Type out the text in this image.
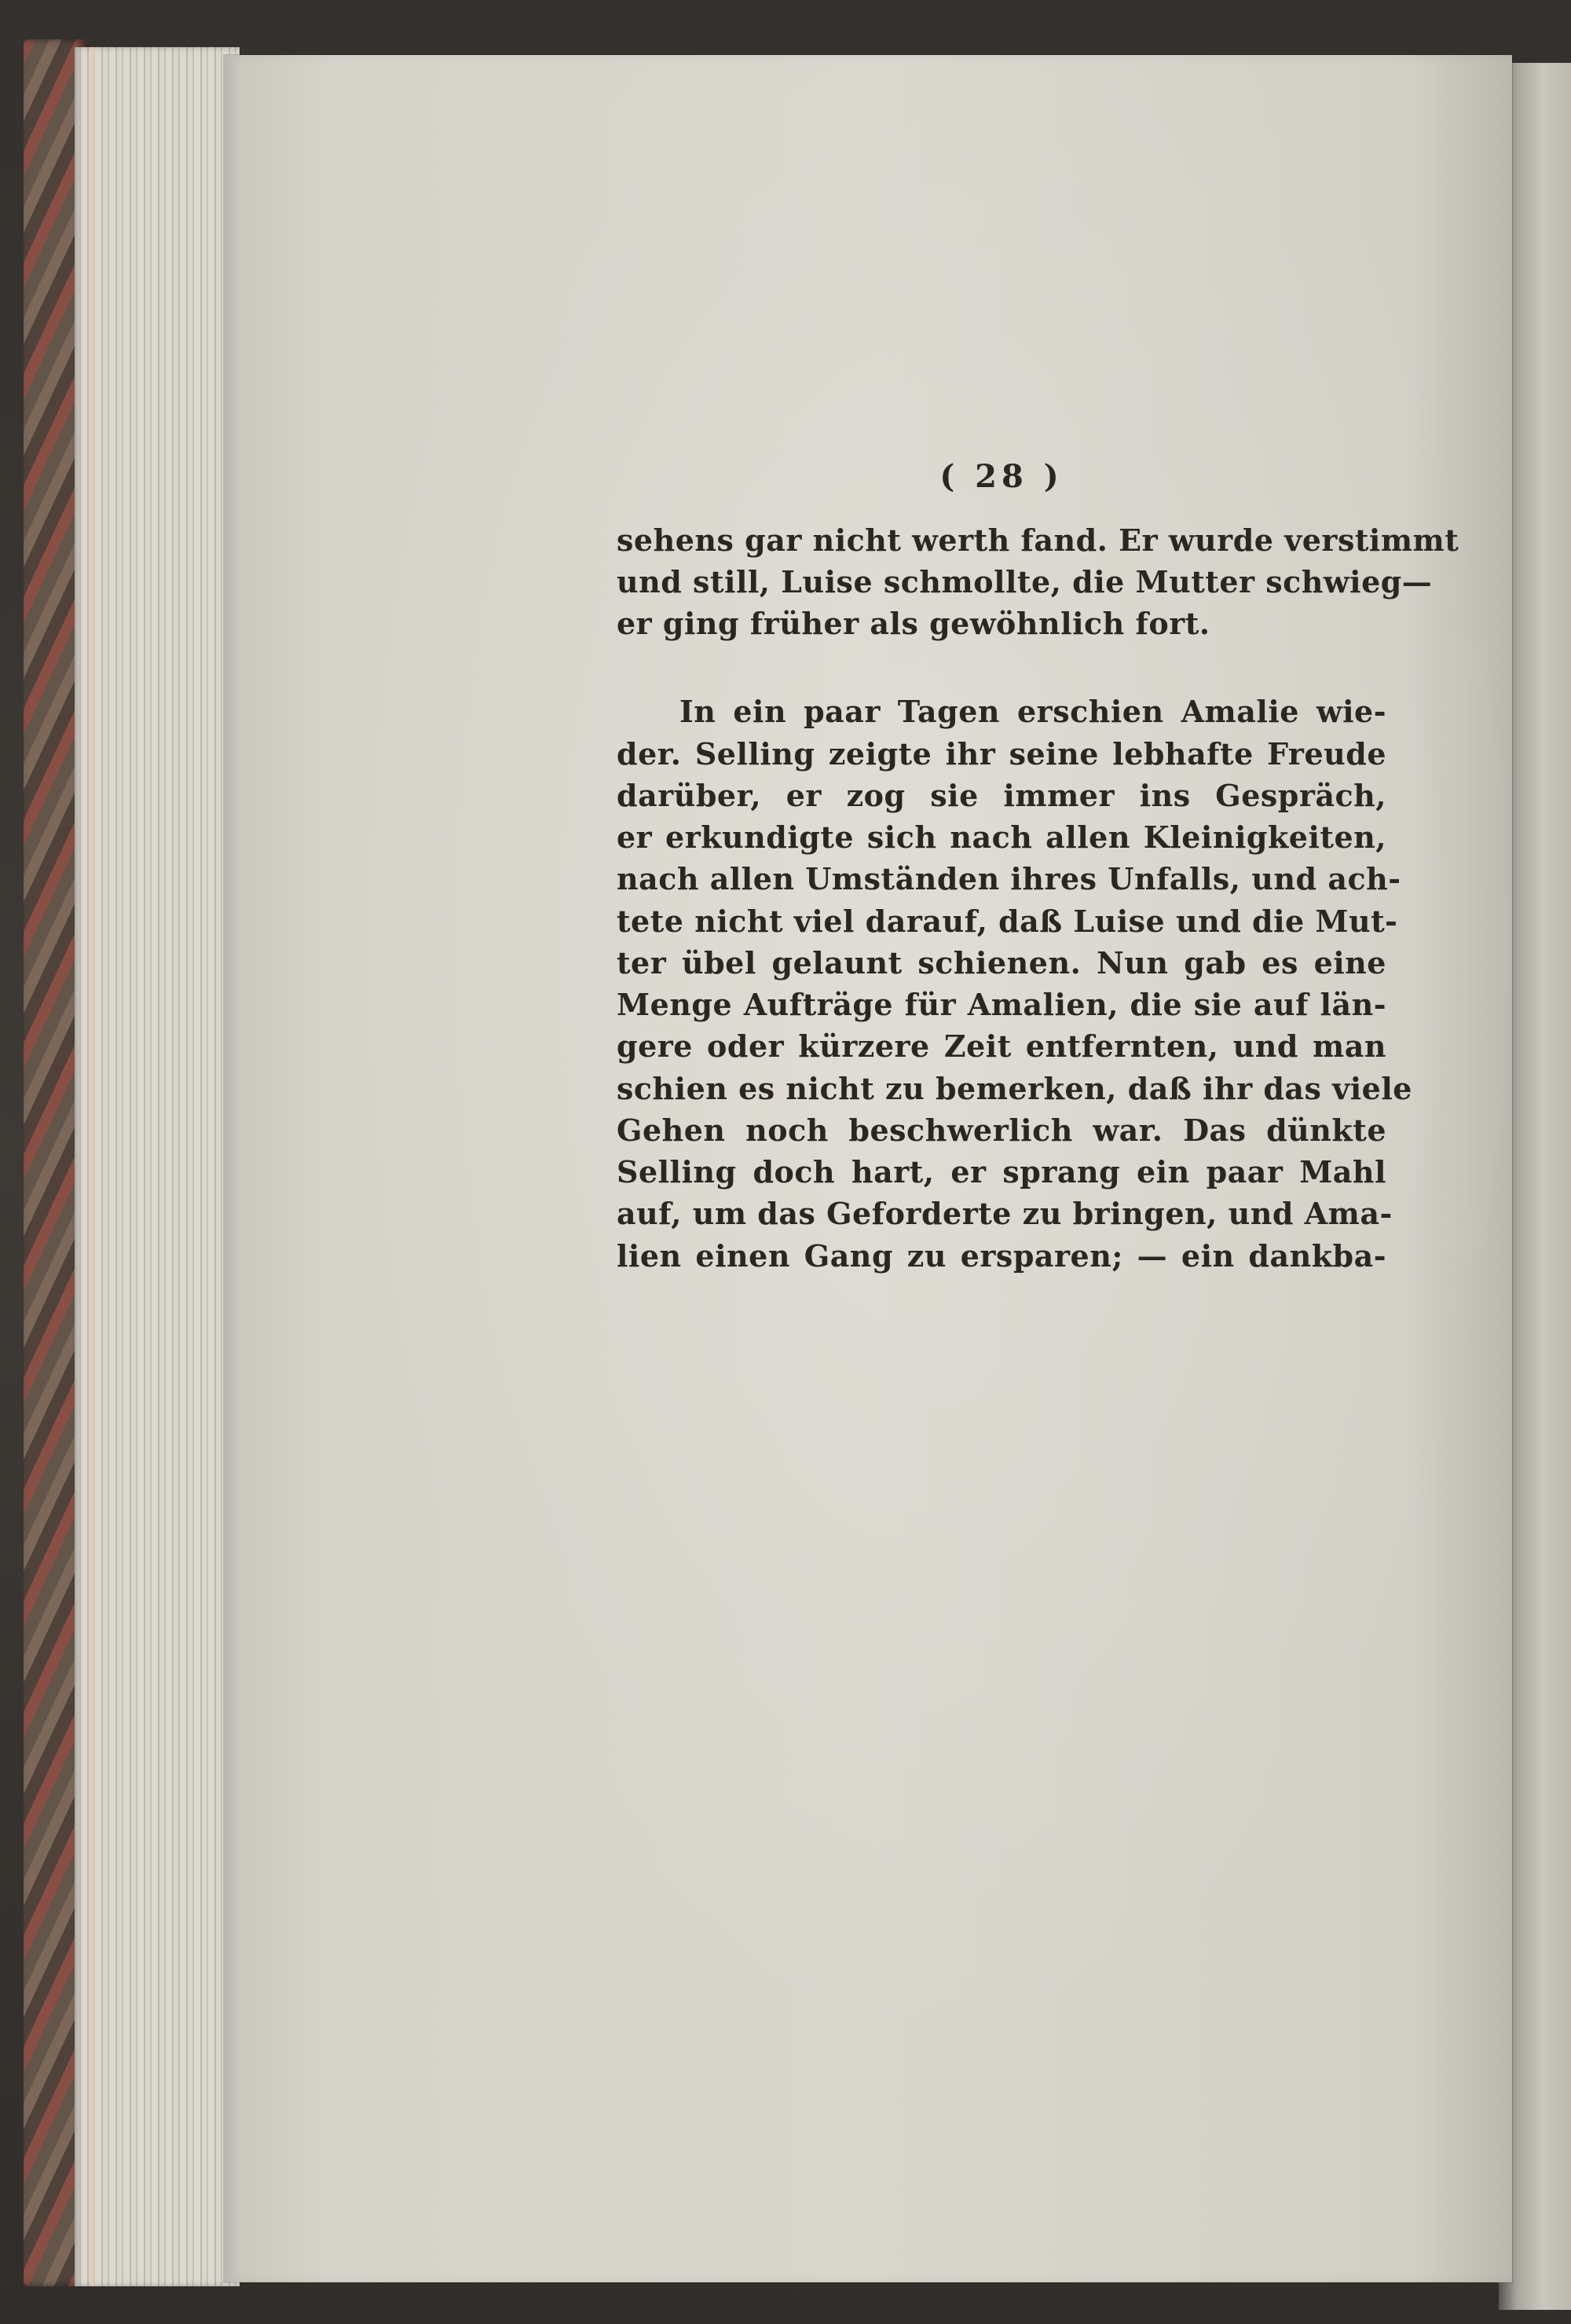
( 28 )
sehens gar nicht werth fand. Er wurde verstimmt
und still, Luise schmollte, die Mutter schwieg—
er ging früher als gewöhnlich fort.
In ein paar Tagen erschien Amalie wie-
der. Selling zeigte ihr seine lebhafte Freude
darüber, er zog sie immer ins Gespräch,
er erkundigte sich nach allen Kleinigkeiten,
nach allen Umständen ihres Unfalls, und ach-
tete nicht viel darauf, daß Luise und die Mut-
ter übel gelaunt schienen. Nun gab es eine
Menge Aufträge für Amalien, die sie auf län-
gere oder kürzere Zeit entfernten, und man
schien es nicht zu bemerken, daß ihr das viele
Gehen noch beschwerlich war. Das dünkte
Selling doch hart, er sprang ein paar Mahl
auf, um das Geforderte zu bringen, und Ama-
lien einen Gang zu ersparen; — ein dankba-
